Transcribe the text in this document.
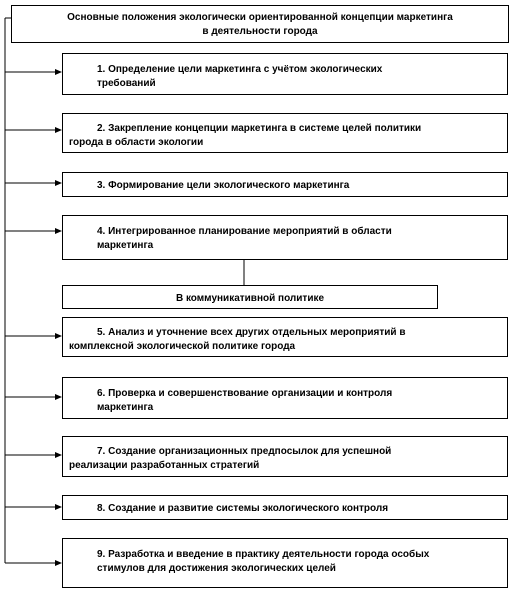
Основные положения экологически ориентированной концепции маркетинга
в деятельности города
1. Определение цели маркетинга с учётом экологических
требований
2. Закрепление концепции маркетинга в системе целей политики
города в области экологии
3. Формирование цели экологического маркетинга
4. Интегрированное планирование мероприятий в области
маркетинга
В коммуникативной политике
5. Анализ и уточнение всех других отдельных мероприятий в
комплексной экологической политике города
6. Проверка и совершенствование организации и контроля
маркетинга
7. Создание организационных предпосылок для успешной
реализации разработанных стратегий
8. Создание и развитие системы экологического контроля
9. Разработка и введение в практику деятельности города особых
стимулов для достижения экологических целей
